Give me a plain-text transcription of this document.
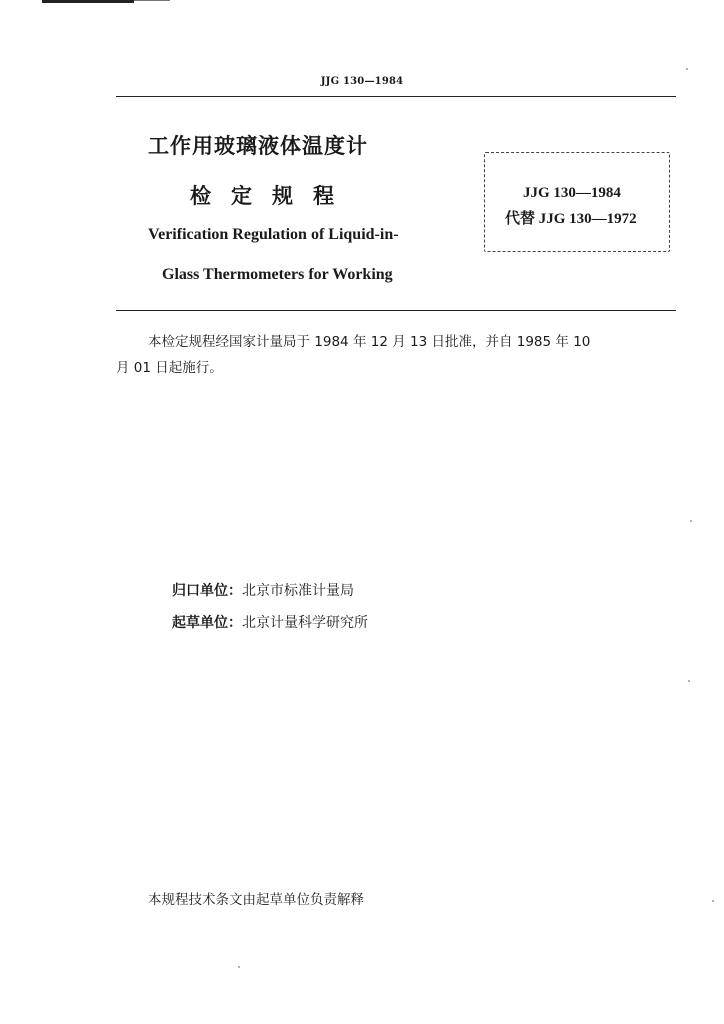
JJG 130—1984
工作用玻璃液体温度计
检定规程
Verification Regulation of Liquid-in-
Glass Thermometers for Working
JJG 130—1984
代替 JJG 130—1972
本检定规程经国家计量局于 1984 年 12 月 13 日批准，并自 1985 年 10
月 01 日起施行。
归口单位：北京市标准计量局
起草单位：北京计量科学研究所
本规程技术条文由起草单位负责解释
